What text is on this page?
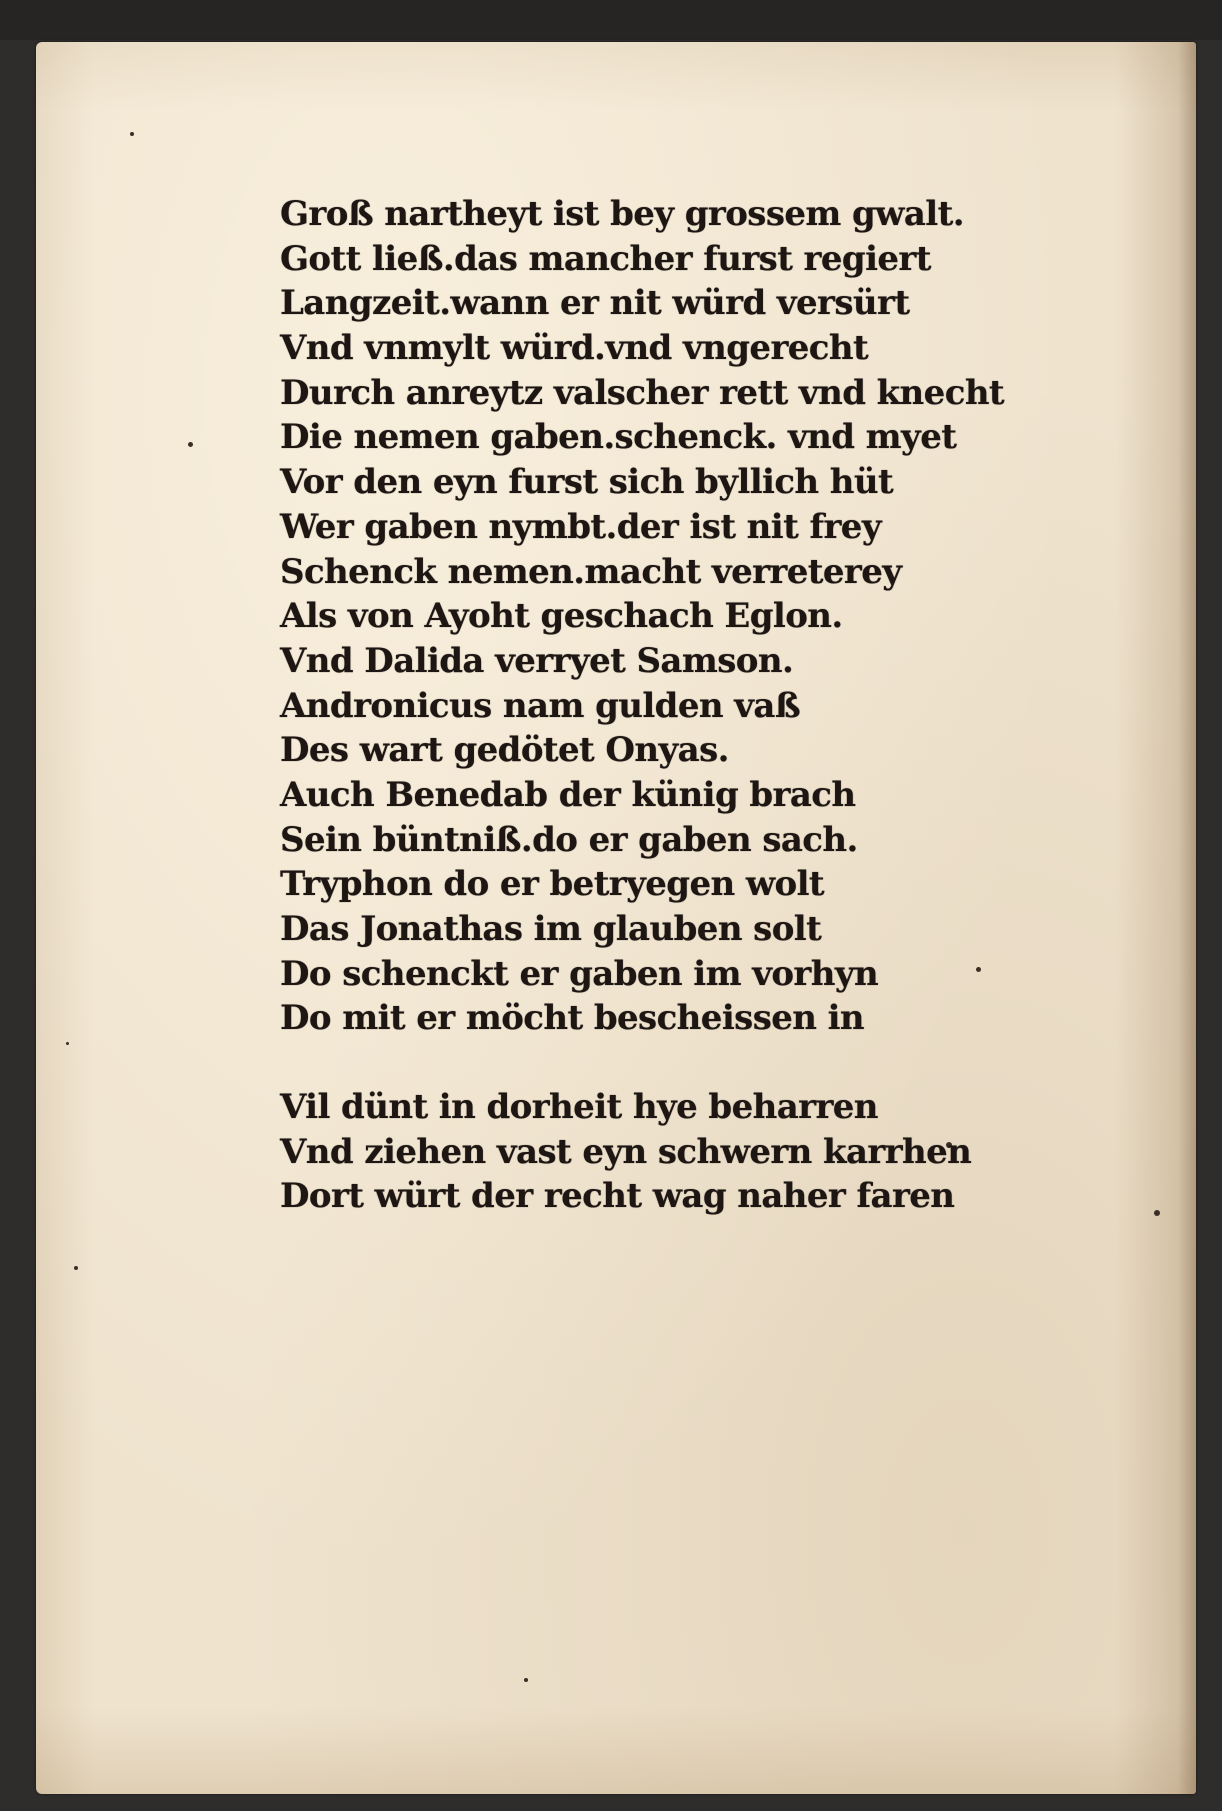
Groß nartheyt ist bey grossem gwalt.
Gott ließ.das mancher furst regiert
Langzeit.wann er nit würd versürt
Vnd vnmylt würd.vnd vngerecht
Durch anreytz valscher rett vnd knecht
Die nemen gaben.schenck. vnd myet
Vor den eyn furst sich byllich hüt
Wer gaben nymbt.der ist nit frey
Schenck nemen.macht verreterey
Als von Ayoht geschach Eglon.
Vnd Dalida verryet Samson.
Andronicus nam gulden vaß
Des wart gedötet Onyas.
Auch Benedab der künig brach
Sein büntniß.do er gaben sach.
Tryphon do er betryegen wolt
Das Jonathas im glauben solt
Do schenckt er gaben im vorhyn
Do mit er möcht bescheissen in
Vil dünt in dorheit hye beharren
Vnd ziehen vast eyn schwern karrhen
Dort würt der recht wag naher faren
